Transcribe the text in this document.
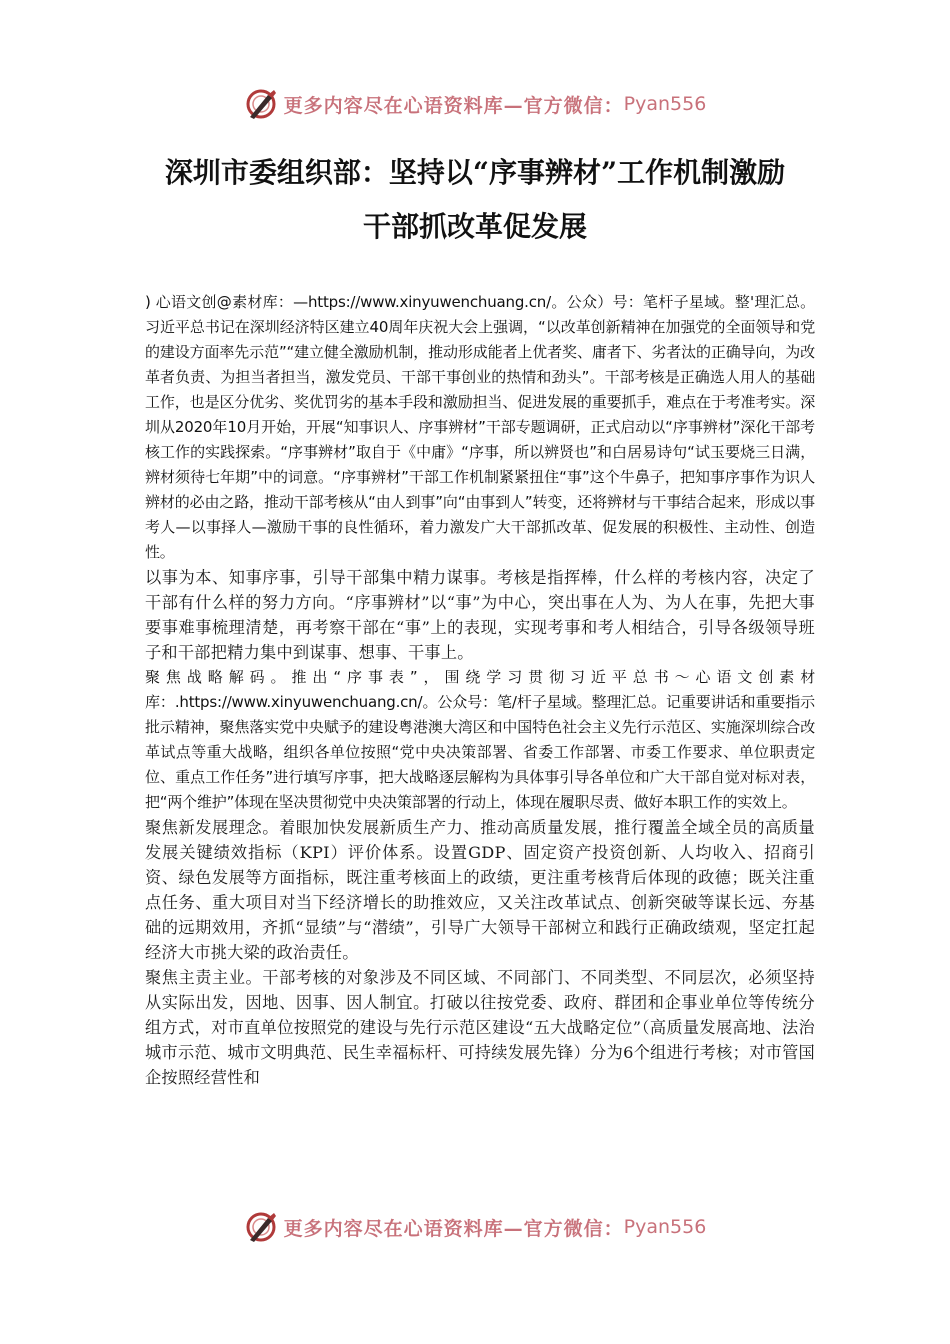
更多内容尽在心语资料库—官方微信： Pyan556
深圳市委组织部：坚持以“序事辨材”工作机制激励
干部抓改革促发展

) 心语文创@素材库：—https://www.xinyuwenchuang.cn/。公众）号：笔杆子星域。整'理汇总。习近平总书记在深圳经济特区建立40周年庆祝大会上强调，“以改革创新精神在加强党的全面领导和党的建设方面率先示范”“建立健全激励机制，推动形成能者上优者奖、庸者下、劣者汰的正确导向，为改革者负责、为担当者担当，激发党员、干部干事创业的热情和劲头”。干部考核是正确选人用人的基础工作，也是区分优劣、奖优罚劣的基本手段和激励担当、促进发展的重要抓手，难点在于考准考实。深圳从2020年10月开始，开展“知事识人、序事辨材”干部专题调研，正式启动以“序事辨材”深化干部考核工作的实践探索。“序事辨材”取自于《中庸》“序事，所以辨贤也”和白居易诗句“试玉要烧三日满，辨材须待七年期”中的词意。“序事辨材”干部工作机制紧紧扭住“事”这个牛鼻子，把知事序事作为识人辨材的必由之路，推动干部考核从“由人到事”向“由事到人”转变，还将辨材与干事结合起来，形成以事考人—以事择人—激励干事的良性循环，着力激发广大干部抓改革、促发展的积极性、主动性、创造性。

以事为本、知事序事，引导干部集中精力谋事。考核是指挥棒，什么样的考核内容，决定了干部有什么样的努力方向。“序事辨材”以“事”为中心，突出事在人为、为人在事，先把大事要事难事梳理清楚，再考察干部在“事”上的表现，实现考事和考人相结合，引导各级领导班子和干部把精力集中到谋事、想事、干事上。

聚焦战略解码。推出“序事表”，围绕学习贯彻习近平总书～心语文创素材库：.https://www.xinyuwenchuang.cn/。公众号：笔/杆子星域。整理汇总。记重要讲话和重要指示批示精神，聚焦落实党中央赋予的建设粤港澳大湾区和中国特色社会主义先行示范区、实施深圳综合改革试点等重大战略，组织各单位按照“党中央决策部署、省委工作部署、市委工作要求、单位职责定位、重点工作任务”进行填写序事，把大战略逐层解构为具体事引导各单位和广大干部自觉对标对表，把“两个维护”体现在坚决贯彻党中央决策部署的行动上，体现在履职尽责、做好本职工作的实效上。

聚焦新发展理念。着眼加快发展新质生产力、推动高质量发展，推行覆盖全域全员的高质量发展关键绩效指标（KPI）评价体系。设置GDP、固定资产投资创新、人均收入、招商引资、绿色发展等方面指标，既注重考核面上的政绩，更注重考核背后体现的政德；既关注重点任务、重大项目对当下经济增长的助推效应，又关注改革试点、创新突破等谋长远、夯基础的远期效用，齐抓“显绩”与“潜绩”，引导广大领导干部树立和践行正确政绩观，坚定扛起经济大市挑大梁的政治责任。

聚焦主责主业。干部考核的对象涉及不同区域、不同部门、不同类型、不同层次，必须坚持从实际出发，因地、因事、因人制宜。打破以往按党委、政府、群团和企事业单位等传统分组方式，对市直单位按照党的建设与先行示范区建设“五大战略定位”（高质量发展高地、法治城市示范、城市文明典范、民生幸福标杆、可持续发展先锋）分为6个组进行考核；对市管国企按照经营性和

更多内容尽在心语资料库—官方微信： Pyan556
